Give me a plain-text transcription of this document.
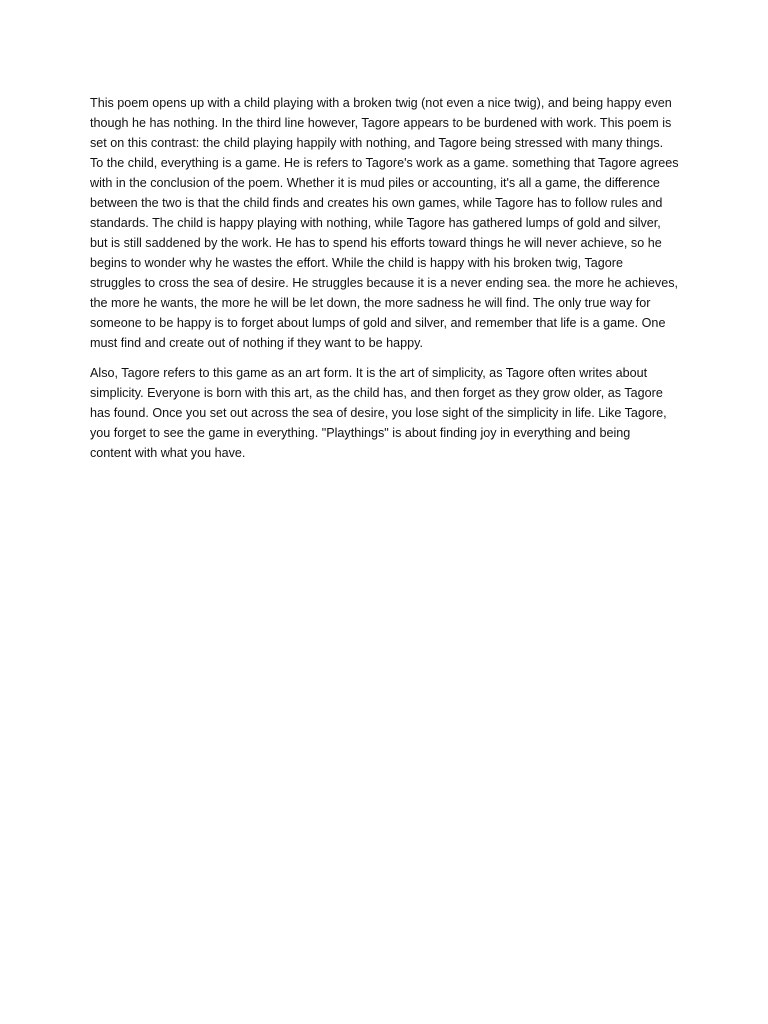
This poem opens up with a child playing with a broken twig (not even a nice twig), and being happy even
though he has nothing. In the third line however, Tagore appears to be burdened with work. This poem is
set on this contrast: the child playing happily with nothing, and Tagore being stressed with many things.
To the child, everything is a game. He is refers to Tagore's work as a game. something that Tagore agrees
with in the conclusion of the poem. Whether it is mud piles or accounting, it's all a game, the difference
between the two is that the child finds and creates his own games, while Tagore has to follow rules and
standards. The child is happy playing with nothing, while Tagore has gathered lumps of gold and silver,
but is still saddened by the work. He has to spend his efforts toward things he will never achieve, so he
begins to wonder why he wastes the effort. While the child is happy with his broken twig, Tagore
struggles to cross the sea of desire. He struggles because it is a never ending sea. the more he achieves,
the more he wants, the more he will be let down, the more sadness he will find. The only true way for
someone to be happy is to forget about lumps of gold and silver, and remember that life is a game. One
must find and create out of nothing if they want to be happy.

Also, Tagore refers to this game as an art form. It is the art of simplicity, as Tagore often writes about
simplicity. Everyone is born with this art, as the child has, and then forget as they grow older, as Tagore
has found. Once you set out across the sea of desire, you lose sight of the simplicity in life. Like Tagore,
you forget to see the game in everything. "Playthings" is about finding joy in everything and being
content with what you have.
